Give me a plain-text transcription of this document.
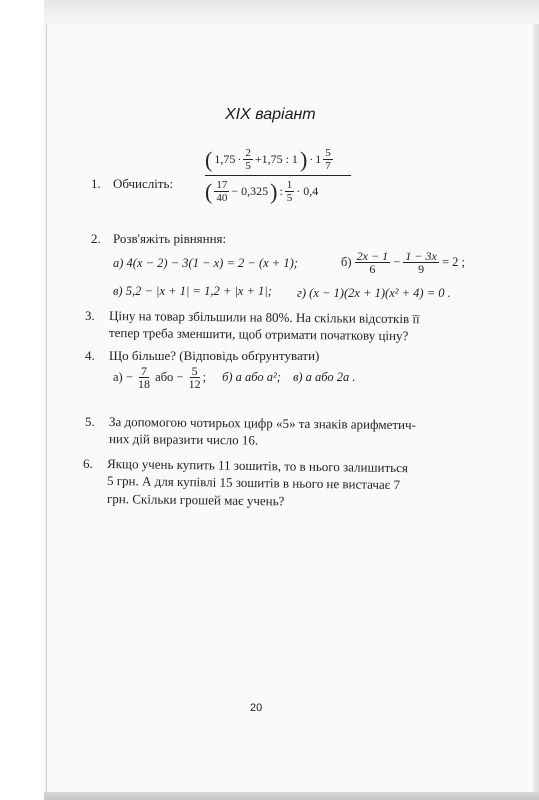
XIX варіант
1. Обчисліть:
( 1,75 · 2
5 +1,75 : 1 ) · 1 5
7
( 17
40 − 0,325 ) : 1
5 · 0,4
2. Розв'яжіть рівняння:
а) 4(x − 2) − 3(1 − x) = 2 − (x + 1);	б)
2x − 1
6
−
$\frac{1 - 3x}{9}$
= 2 ;
в) 5,2 − |x + 1| = 1,2 + |x + 1|; г) (x − 1)(2x + 1)(x² + 4) = 0 .
3. Ціну на товар збільшили на 80%. На скільки відсотків її
тепер треба зменшити, щоб отримати початкову ціну?
4. Що більше? (Відповідь обґрунтувати)
а) −
$\frac{7}{18}$
або −
$\frac{5}{12}$ ; б) a або a²; в) a або 2a .
5. За допомогою чотирьох цифр «5» та знаків арифметич-
них дій виразити число 16.
6. Якщо учень купить 11 зошитів, то в нього залишиться
5 грн. А для купівлі 15 зошитів в нього не вистачає 7
грн. Скільки грошей має учень?
20
